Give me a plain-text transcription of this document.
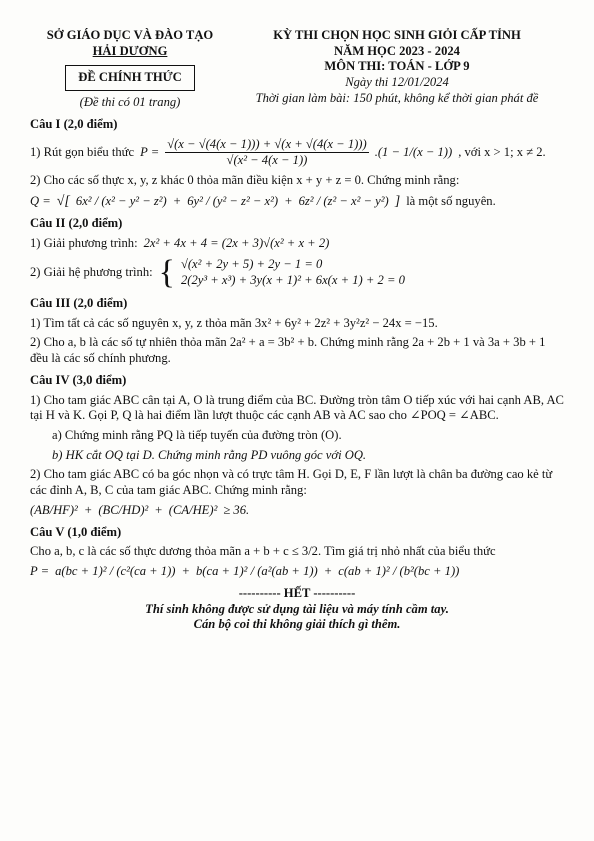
SỞ GIÁO DỤC VÀ ĐÀO TẠO
HẢI DƯƠNG
ĐỀ CHÍNH THỨC
(Đề thi có 01 trang)
KỲ THI CHỌN HỌC SINH GIỎI CẤP TỈNH
NĂM HỌC 2023 - 2024
MÔN THI: TOÁN - LỚP 9
Ngày thi 12/01/2024
Thời gian làm bài: 150 phút, không kể thời gian phát đề
Câu I (2,0 điểm)
1) Rút gọn biểu thức $P = \frac{√(x - √(4(x - 1))) + √(x + √(4(x - 1)))}{\text{√(x² − 4(x − 1))}} .(1 - 1/(x - 1))$ , với x > 1; x ≠ 2.
2) Cho các số thực x, y, z khác 0 thỏa mãn điều kiện x + y + z = 0. Chứng minh rằng:
Q = √[ 6x² / (x² − y² − z²) + 6y² / (y² − z² − x²) + 6z² / (z² − x² − y²) ] là một số nguyên.
Câu II (2,0 điểm)
1) Giải phương trình: 2x² + 4x + 4 = (2x + 3)√(x² + x + 2)
2) Giải hệ phương trình: { √(x² + 2y + 5) + 2y − 1 = 0
2(2y³ + x³) + 3y(x + 1)² + 6x(x + 1) + 2 = 0
Câu III (2,0 điểm)
1) Tìm tất cả các số nguyên x, y, z thỏa mãn 3x² + 6y² + 2z² + 3y²z² − 24x = −15.
2) Cho a, b là các số tự nhiên thỏa mãn 2a² + a = 3b² + b. Chứng minh rằng 2a + 2b + 1 và 3a + 3b + 1 đều là các số chính phương.
Câu IV (3,0 điểm)
1) Cho tam giác ABC cân tại A, O là trung điểm của BC. Đường tròn tâm O tiếp xúc với hai cạnh AB, AC tại H và K. Gọi P, Q là hai điểm lần lượt thuộc các cạnh AB và AC sao cho ∠POQ = ∠ABC.
a) Chứng minh rằng PQ là tiếp tuyến của đường tròn (O).
b) HK cắt OQ tại D. Chứng minh rằng PD vuông góc với OQ.
2) Cho tam giác ABC có ba góc nhọn và có trực tâm H. Gọi D, E, F lần lượt là chân ba đường cao kẻ từ các đỉnh A, B, C của tam giác ABC. Chứng minh rằng:
(AB/HF)² + (BC/HD)² + (CA/HE)² ≥ 36.
Câu V (1,0 điểm)
Cho a, b, c là các số thực dương thỏa mãn a + b + c ≤ 3/2. Tìm giá trị nhỏ nhất của biểu thức
P = a(bc + 1)² / (c²(ca + 1)) + b(ca + 1)² / (a²(ab + 1)) + c(ab + 1)² / (b²(bc + 1))
---------- HẾT ----------
Thí sinh không được sử dụng tài liệu và máy tính cầm tay.
Cán bộ coi thi không giải thích gì thêm.
